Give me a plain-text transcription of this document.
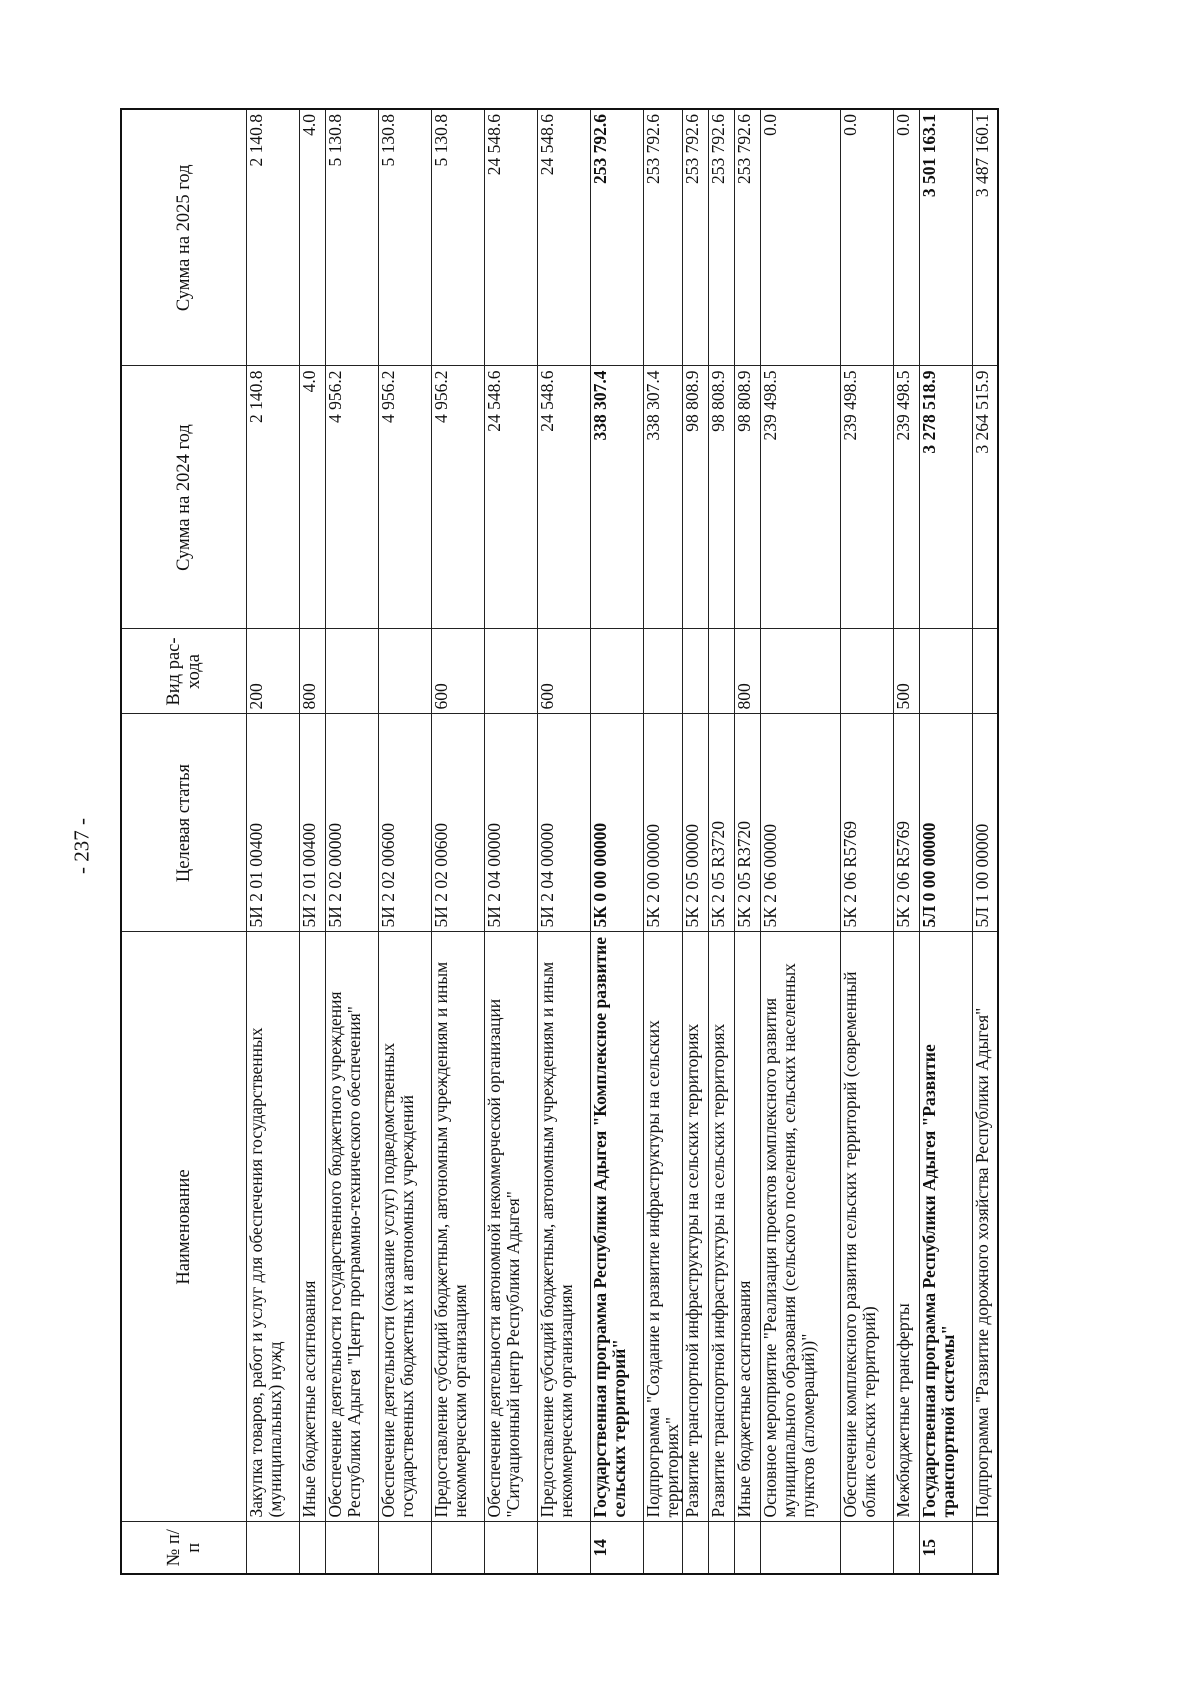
- 237 -
№ п/п	Наименование	Целевая статья	Вид рас-хода	Сумма на 2024 год	Сумма на 2025 год
	Закупка товаров, работ и услуг для обеспечения государственных (муниципальных) нужд	5И 2 01 00400	200	2 140.8	2 140.8
	Иные бюджетные ассигнования	5И 2 01 00400	800	4.0	4.0
	Обеспечение деятельности государственного бюджетного учреждения Республики Адыгея "Центр программно-технического обеспечения"	5И 2 02 00000		4 956.2	5 130.8
	Обеспечение деятельности (оказание услуг) подведомственных государственных бюджетных и автономных учреждений	5И 2 02 00600		4 956.2	5 130.8
	Предоставление субсидий бюджетным, автономным учреждениям и иным некоммерческим организациям	5И 2 02 00600	600	4 956.2	5 130.8
	Обеспечение деятельности автономной некоммерческой организации "Ситуационный центр Республики Адыгея"	5И 2 04 00000		24 548.6	24 548.6
	Предоставление субсидий бюджетным, автономным учреждениям и иным некоммерческим организациям	5И 2 04 00000	600	24 548.6	24 548.6
14	Государственная программа Республики Адыгея "Комплексное развитие сельских территорий"	5К 0 00 00000		338 307.4	253 792.6
	Подпрограмма "Создание и развитие инфраструктуры на сельских территориях"	5К 2 00 00000		338 307.4	253 792.6
	Развитие транспортной инфраструктуры на сельских территориях	5К 2 05 00000		98 808.9	253 792.6
	Развитие транспортной инфраструктуры на сельских территориях	5К 2 05 R3720		98 808.9	253 792.6
	Иные бюджетные ассигнования	5К 2 05 R3720	800	98 808.9	253 792.6
	Основное мероприятие "Реализация проектов комплексного развития муниципального образования (сельского поселения, сельских населенных пунктов (агломераций))"	5К 2 06 00000		239 498.5	0.0
	Обеспечение комплексного развития сельских территорий (современный облик сельских территорий)	5К 2 06 R5769		239 498.5	0.0
	Межбюджетные трансферты	5К 2 06 R5769	500	239 498.5	0.0
15	Государственная программа Республики Адыгея "Развитие транспортной системы"	5Л 0 00 00000		3 278 518.9	3 501 163.1
	Подпрограмма "Развитие дорожного хозяйства Республики Адыгея"	5Л 1 00 00000		3 264 515.9	3 487 160.1
